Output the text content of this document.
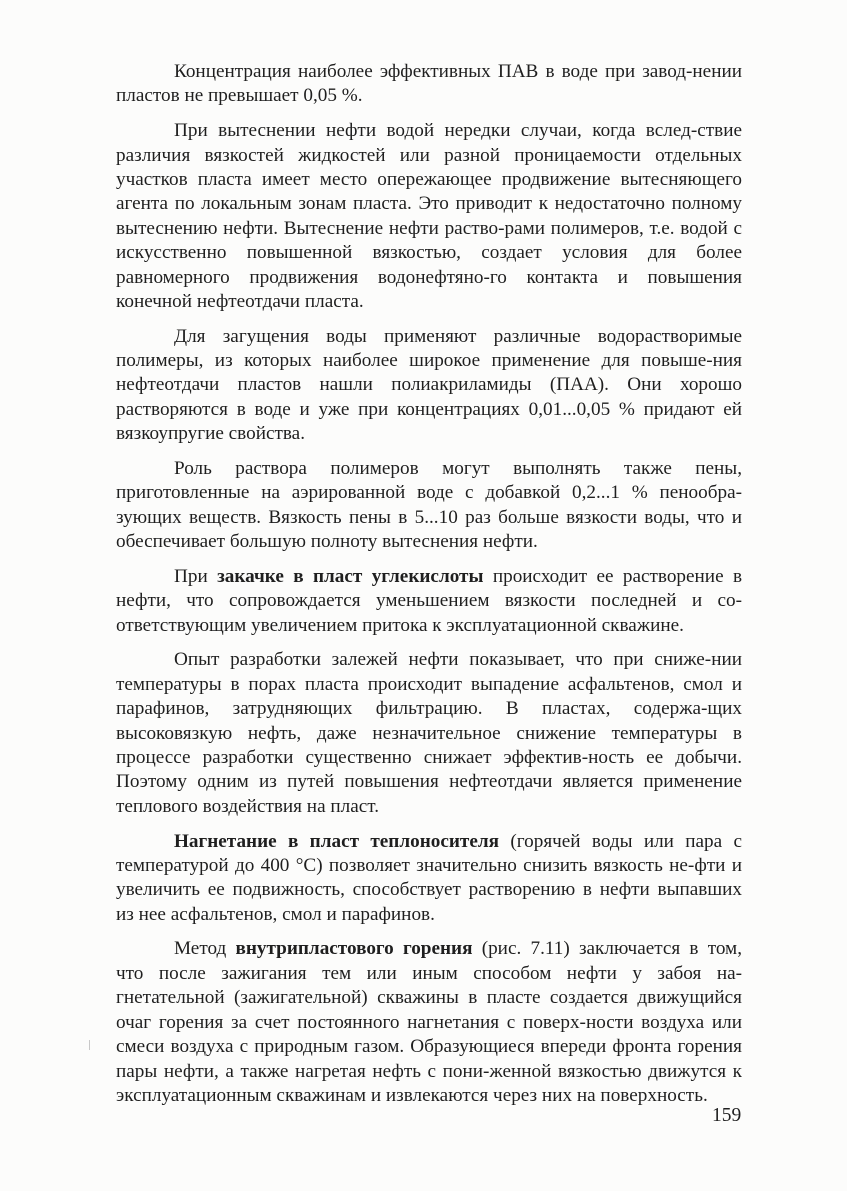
Концентрация наиболее эффективных ПАВ в воде при завод-нении пластов не превышает 0,05 %.

При вытеснении нефти водой нередки случаи, когда вслед-ствие различия вязкостей жидкостей или разной проницаемости отдельных участков пласта имеет место опережающее продвижение вытесняющего агента по локальным зонам пласта. Это приводит к недостаточно полному вытеснению нефти. Вытеснение нефти раство-рами полимеров, т.е. водой с искусственно повышенной вязкостью, создает условия для более равномерного продвижения водонефтяно-го контакта и повышения конечной нефтеотдачи пласта.

Для загущения воды применяют различные водорастворимые полимеры, из которых наиболее широкое применение для повыше-ния нефтеотдачи пластов нашли полиакриламиды (ПАА). Они хорошо растворяются в воде и уже при концентрациях 0,01...0,05 % придают ей вязкоупругие свойства.

Роль раствора полимеров могут выполнять также пены, приготовленные на аэрированной воде с добавкой 0,2...1 % пенообра-зующих веществ. Вязкость пены в 5...10 раз больше вязкости воды, что и обеспечивает большую полноту вытеснения нефти.

При закачке в пласт углекислоты происходит ее растворение в нефти, что сопровождается уменьшением вязкости последней и со-ответствующим увеличением притока к эксплуатационной скважине.

Опыт разработки залежей нефти показывает, что при сниже-нии температуры в порах пласта происходит выпадение асфальтенов, смол и парафинов, затрудняющих фильтрацию. В пластах, содержа-щих высоковязкую нефть, даже незначительное снижение температуры в процессе разработки существенно снижает эффектив-ность ее добычи. Поэтому одним из путей повышения нефтеотдачи является применение теплового воздействия на пласт.

Нагнетание в пласт теплоносителя (горячей воды или пара с температурой до 400 °С) позволяет значительно снизить вязкость не-фти и увеличить ее подвижность, способствует растворению в нефти выпавших из нее асфальтенов, смол и парафинов.

Метод внутрипластового горения (рис. 7.11) заключается в том, что после зажигания тем или иным способом нефти у забоя на-гнетательной (зажигательной) скважины в пласте создается движущийся очаг горения за счет постоянного нагнетания с поверх-ности воздуха или смеси воздуха с природным газом. Образующиеся впереди фронта горения пары нефти, а также нагретая нефть с пони-женной вязкостью движутся к эксплуатационным скважинам и извлекаются через них на поверхность.

159
